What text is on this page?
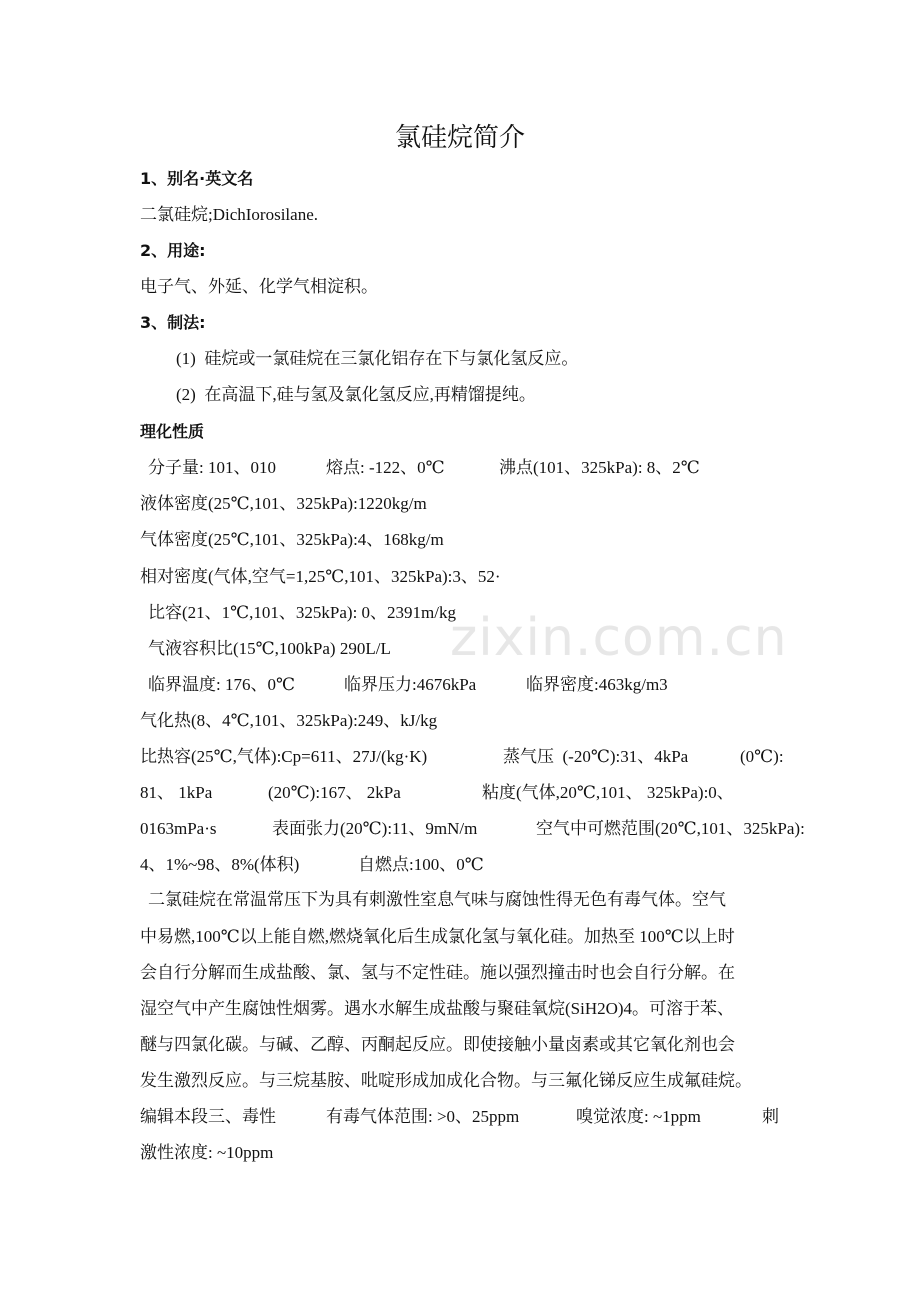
zixin.com.cn
氯硅烷简介
1、别名·英文名
二氯硅烷;DichIorosilane.
2、用途:
电子气、外延、化学气相淀积。
3、制法:
(1)  硅烷或一氯硅烷在三氯化铝存在下与氯化氢反应。
(2)  在高温下,硅与氢及氯化氢反应,再精馏提纯。
理化性质
分子量: 101、010	熔点: -122、0℃	沸点(101、325kPa): 8、2℃
液体密度(25℃,101、325kPa):1220kg/m
气体密度(25℃,101、325kPa):4、168kg/m
相对密度(气体,空气=1,25℃,101、325kPa):3、52·
比容(21、1℃,101、325kPa): 0、2391m/kg
气液容积比(15℃,100kPa) 290L/L
临界温度: 176、0℃	临界压力:4676kPa	临界密度:463kg/m3
气化热(8、4℃,101、325kPa):249、kJ/kg
比热容(25℃,气体):Cp=611、27J/(kg·K)	蒸气压  (-20℃):31、4kPa	(0℃):
81、 1kPa	(20℃):167、 2kPa	粘度(气体,20℃,101、 325kPa):0、
0163mPa·s	表面张力(20℃):11、9mN/m	空气中可燃范围(20℃,101、325kPa):
4、1%~98、8%(体积)	自燃点:100、0℃
二氯硅烷在常温常压下为具有刺激性室息气味与腐蚀性得无色有毒气体。空气
中易燃,100℃以上能自燃,燃烧氧化后生成氯化氢与氧化硅。加热至 100℃以上时
会自行分解而生成盐酸、氯、氢与不定性硅。施以强烈撞击时也会自行分解。在
湿空气中产生腐蚀性烟雾。遇水水解生成盐酸与聚硅氧烷(SiH2O)4。可溶于苯、
醚与四氯化碳。与碱、乙醇、丙酮起反应。即使接触小量卤素或其它氧化剂也会
发生激烈反应。与三烷基胺、吡啶形成加成化合物。与三氟化锑反应生成氟硅烷。
编辑本段三、毒性	有毒气体范围: >0、25ppm	嗅觉浓度: ~1ppm	刺
激性浓度: ~10ppm
